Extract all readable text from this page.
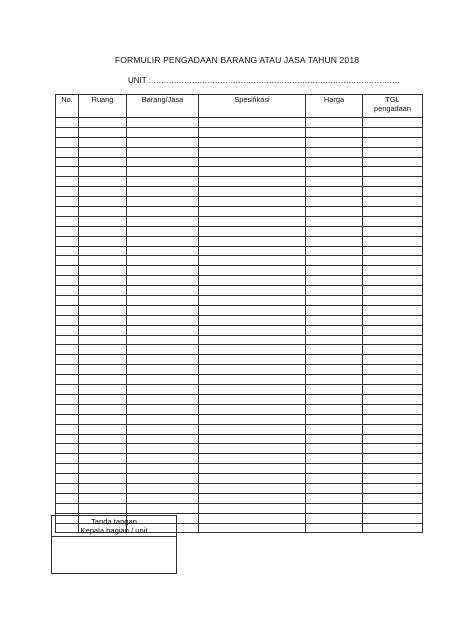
FORMULIR PENGADAAN BARANG ATAU JASA TAHUN 2018
UNIT : ……………………………………………………………………………………
No.	Ruang	Barang/Jasa	Spesifikasi	Harga	TGL
pengadaan

Tanda tangan
Kepala bagian / unit
